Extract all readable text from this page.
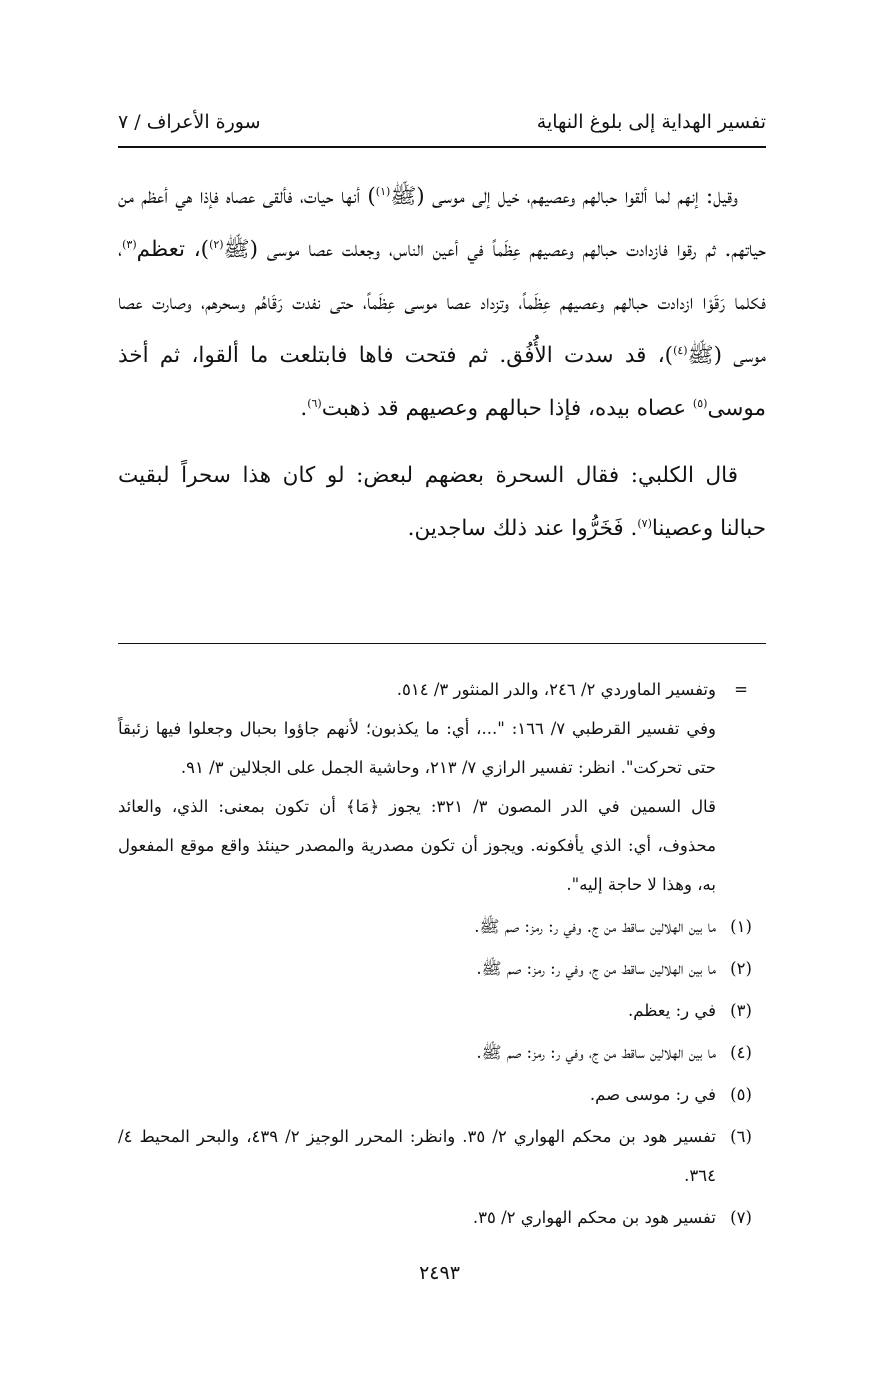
تفسير الهداية إلى بلوغ النهاية
سورة الأعراف / ٧

وقيل: إنهم لما ألقوا حبالهم وعصيهم، خيل إلى موسى (ﷺ$^{(١)}$) أنها حيات، فألقى عصاه فإذا هي أعظم من حياتهم. ثم رقوا فازدادت حبالهم وعصيهم عِظَماً في أعين الناس، وجعلت عصا موسى (ﷺ$^{(٢)}$)، تعظم$^{(٣)}$، فكلما رَقَوْا ازدادت حبالهم وعصيهم عِظَماً، وتزداد عصا موسى عِظَماً، حتى نفدت رَقَاهُم وسحرهم، وصارت عصا موسى (ﷺ$^{(٤)}$)، قد سدت الأُفُق. ثم فتحت فاها فابتلعت ما ألقوا، ثم أخذ موسى$^{(٥)}$ عصاه بيده، فإذا حبالهم وعصيهم قد ذهبت$^{(٦)}$.

قال الكلبي: فقال السحرة بعضهم لبعض: لو كان هذا سحراً لبقيت حبالنا وعصينا$^{(٧)}$. فَخَرُّوا عند ذلك ساجدين.

=

وتفسير الماوردي ٢/ ٢٤٦، والدر المنثور ٣/ ٥١٤.

وفي تفسير القرطبي ٧/ ١٦٦: "...، أي: ما يكذبون؛ لأنهم جاؤوا بحبال وجعلوا فيها زئبقاً حتى تحركت". انظر: تفسير الرازي ٧/ ٢١٣، وحاشية الجمل على الجلالين ٣/ ٩١.

قال السمين في الدر المصون ٣/ ٣٢١: يجوز ﴿مَا﴾ أن تكون بمعنى: الذي، والعائد محذوف، أي: الذي يأفكونه. ويجوز أن تكون مصدرية والمصدر حينئذ واقع موقع المفعول به، وهذا لا حاجة إليه".

(١)
ما بين الهلالين ساقط من ج. وفي ر: رمز: صم ﷺ.
(٢)
ما بين الهلالين ساقط من ج، وفي ر: رمز: صم ﷺ.
(٣)
في ر: يعظم.
(٤)
ما بين الهلالين ساقط من ج، وفي ر: رمز: صم ﷺ.
(٥)
في ر: موسى صم.
(٦)
تفسير هود بن محكم الهواري ٢/ ٣٥. وانظر: المحرر الوجيز ٢/ ٤٣٩، والبحر المحيط ٤/ ٣٦٤.
(٧)
تفسير هود بن محكم الهواري ٢/ ٣٥.
٢٤٩٣
